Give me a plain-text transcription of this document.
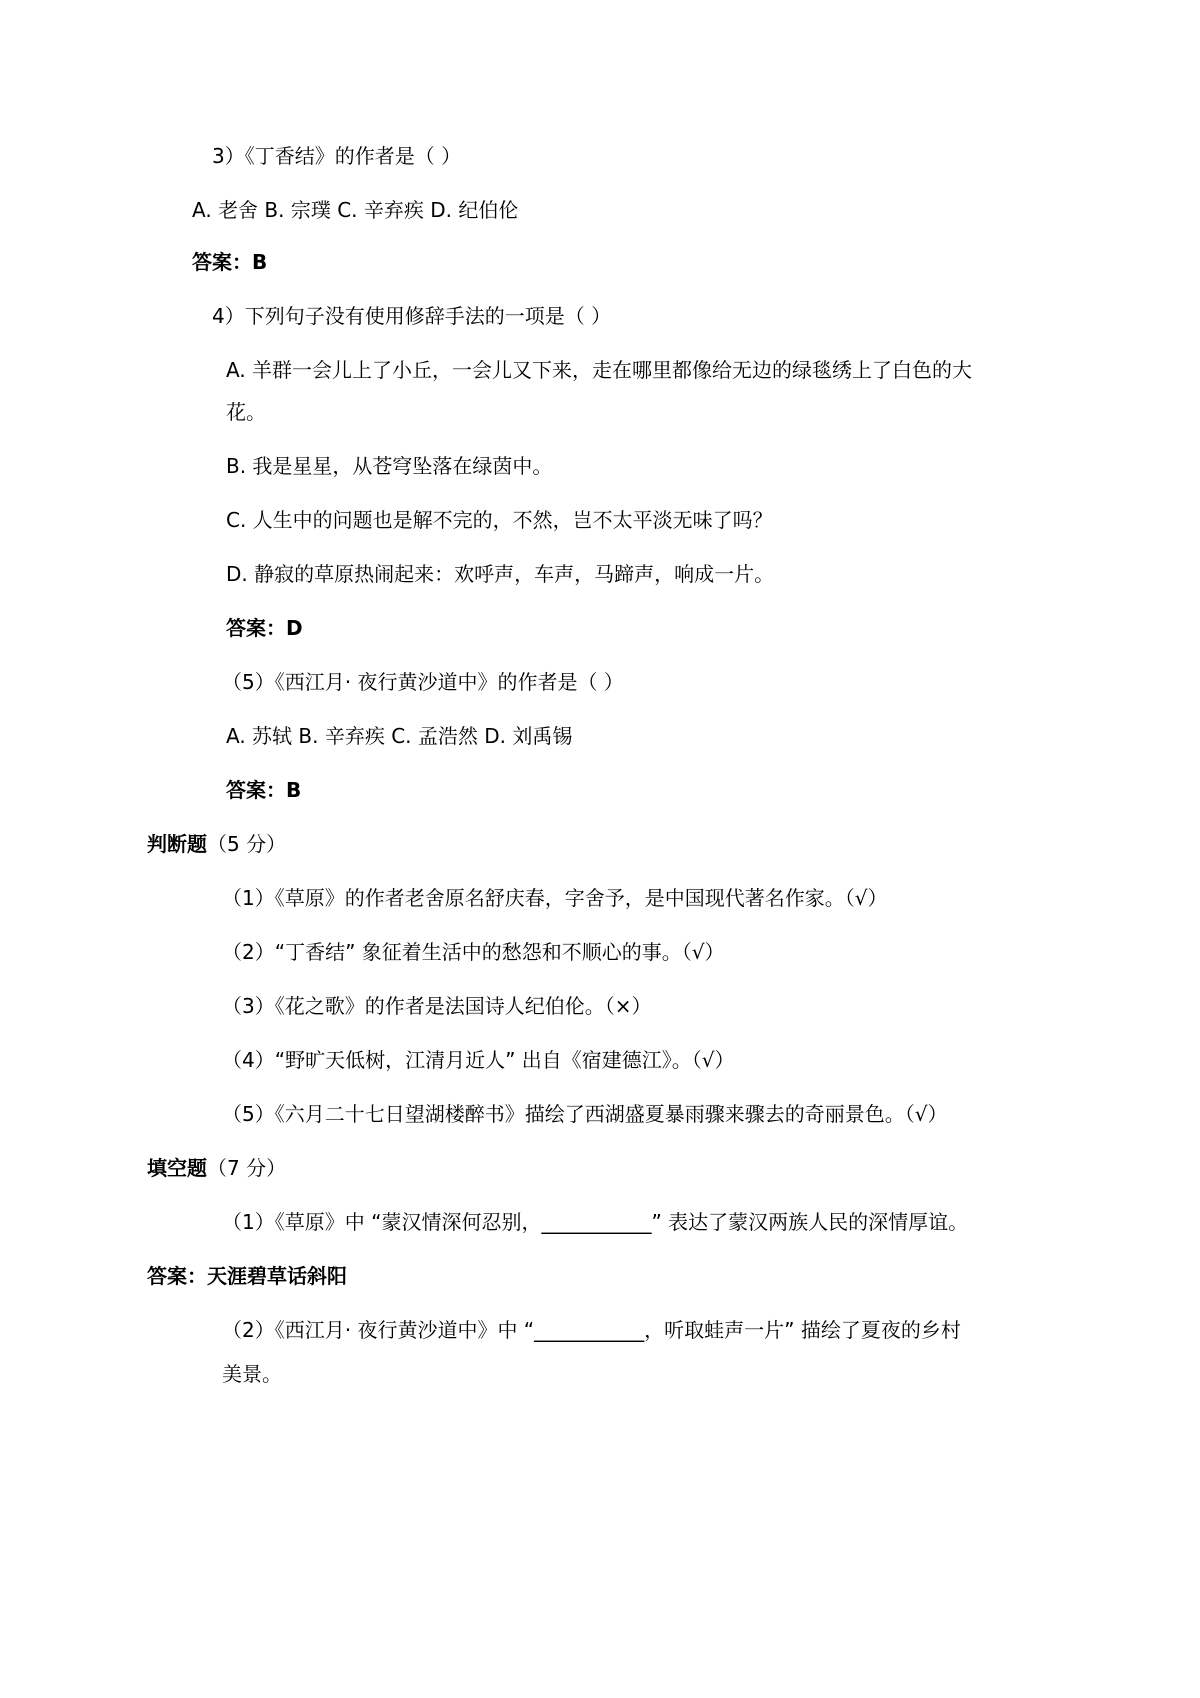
3）《丁香结》的作者是（ ）
A. 老舍 B. 宗璞 C. 辛弃疾 D. 纪伯伦
答案：B
4）下列句子没有使用修辞手法的一项是（ ）
A. 羊群一会儿上了小丘，一会儿又下来，走在哪里都像给无边的绿毯绣上了白色的大
花。
B. 我是星星，从苍穹坠落在绿茵中。
C. 人生中的问题也是解不完的，不然，岂不太平淡无味了吗？
D. 静寂的草原热闹起来：欢呼声，车声，马蹄声，响成一片。
答案：D
（5）《西江月· 夜行黄沙道中》的作者是（ ）
A. 苏轼 B. 辛弃疾 C. 孟浩然 D. 刘禹锡
答案：B
判断题（5 分）
（1）《草原》的作者老舍原名舒庆春，字舍予，是中国现代著名作家。（√）
（2）“丁香结” 象征着生活中的愁怨和不顺心的事。（√）
（3）《花之歌》的作者是法国诗人纪伯伦。（×）
（4）“野旷天低树，江清月近人” 出自《宿建德江》。（√）
（5）《六月二十七日望湖楼醉书》描绘了西湖盛夏暴雨骤来骤去的奇丽景色。（√）
填空题（7 分）
（1）《草原》中 “蒙汉情深何忍别，___________” 表达了蒙汉两族人民的深情厚谊。
答案：天涯碧草话斜阳
（2）《西江月· 夜行黄沙道中》中 “___________，听取蛙声一片” 描绘了夏夜的乡村
美景。
